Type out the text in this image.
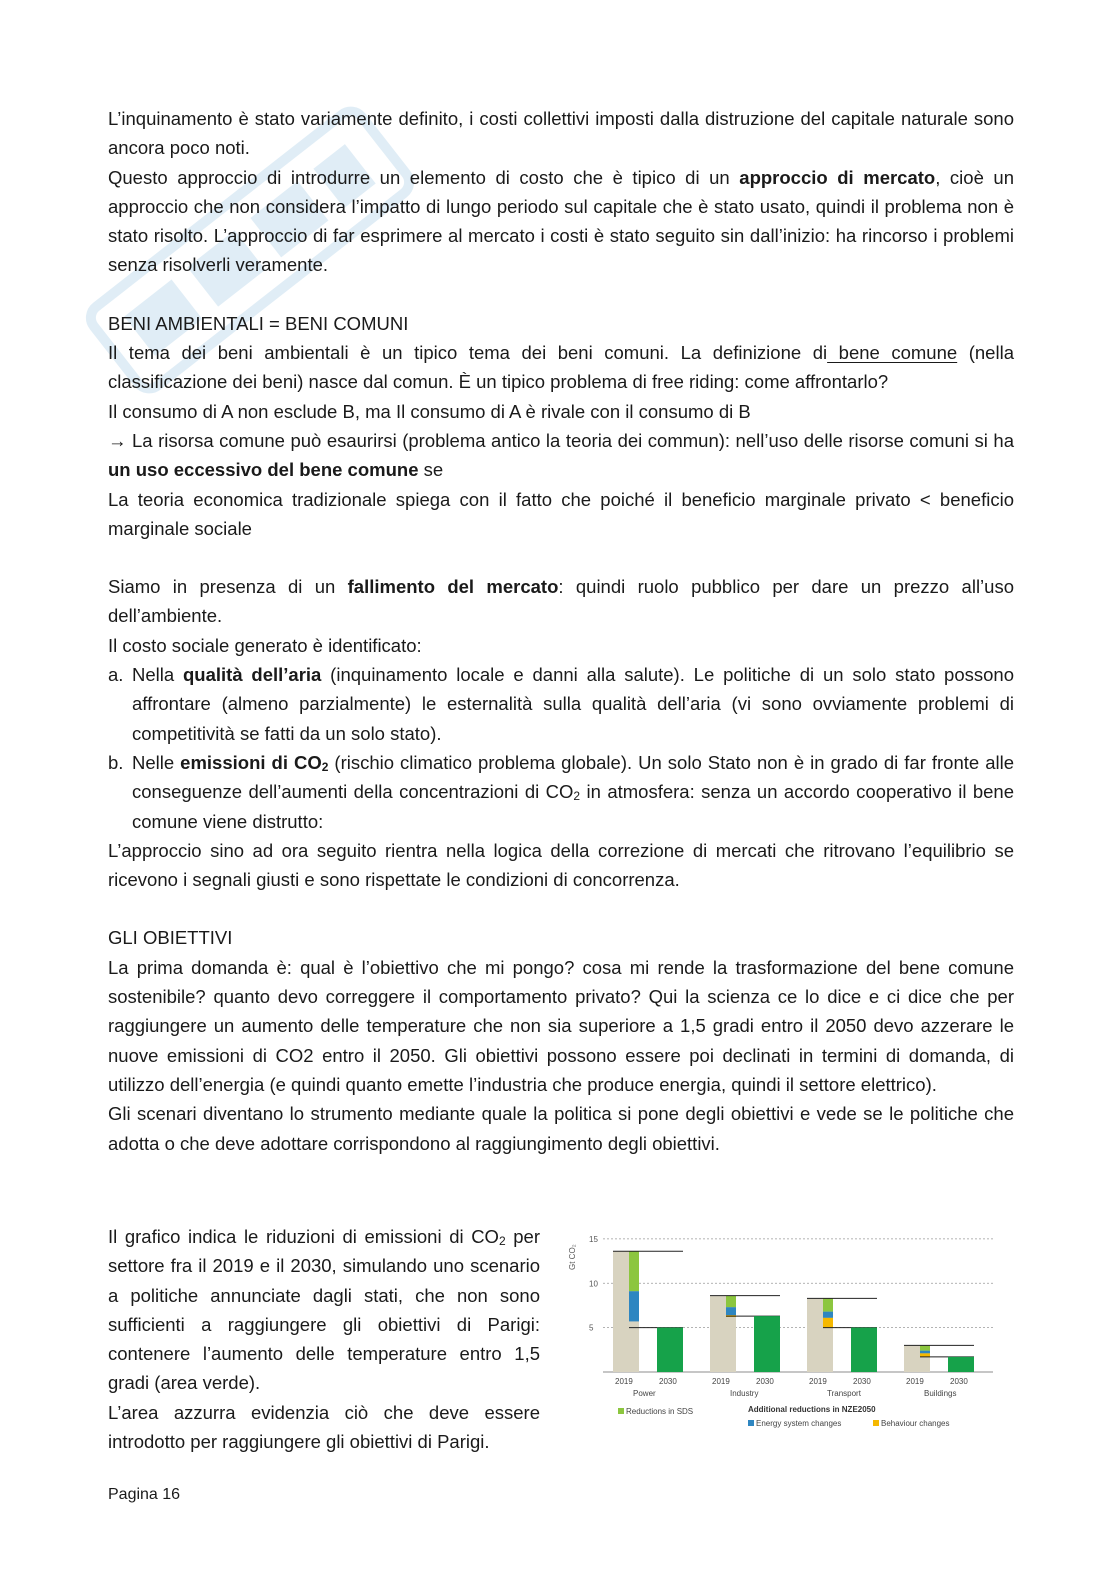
L’inquinamento è stato variamente definito, i costi collettivi imposti dalla distruzione del capitale naturale sono ancora poco noti.

Questo approccio di introdurre un elemento di costo che è tipico di un approccio di mercato, cioè un approccio che non considera l’impatto di lungo periodo sul capitale che è stato usato, quindi il problema non è stato risolto. L’approccio di far esprimere al mercato i costi è stato seguito sin dall’inizio: ha rincorso i problemi senza risolverli veramente.

BENI AMBIENTALI = BENI COMUNI

Il tema dei beni ambientali è un tipico tema dei beni comuni. La definizione di bene comune (nella classificazione dei beni) nasce dal comun. È un tipico problema di free riding: come affrontarlo?

Il consumo di A non esclude B, ma Il consumo di A è rivale con il consumo di B

→ La risorsa comune può esaurirsi (problema antico la teoria dei commun): nell’uso delle risorse comuni si ha un uso eccessivo del bene comune se

La teoria economica tradizionale spiega con il fatto che poiché il beneficio marginale privato < beneficio marginale sociale

Siamo in presenza di un fallimento del mercato: quindi ruolo pubblico per dare un prezzo all’uso dell’ambiente.

Il costo sociale generato è identificato:

a. Nella qualità dell’aria (inquinamento locale e danni alla salute). Le politiche di un solo stato possono affrontare (almeno parzialmente) le esternalità sulla qualità dell’aria (vi sono ovviamente problemi di competitività se fatti da un solo stato).
b. Nelle emissioni di $CO_2$ (rischio climatico problema globale). Un solo Stato non è in grado di far fronte alle conseguenze dell’aumenti della concentrazioni di $CO_2$ in atmosfera: senza un accordo cooperativo il bene comune viene distrutto:

L’approccio sino ad ora seguito rientra nella logica della correzione di mercati che ritrovano l’equilibrio se ricevono i segnali giusti e sono rispettate le condizioni di concorrenza.

GLI OBIETTIVI

La prima domanda è: qual è l’obiettivo che mi pongo? cosa mi rende la trasformazione del bene comune sostenibile? quanto devo correggere il comportamento privato? Qui la scienza ce lo dice e ci dice che per raggiungere un aumento delle temperature che non sia superiore a 1,5 gradi entro il 2050 devo azzerare le nuove emissioni di CO2 entro il 2050. Gli obiettivi possono essere poi declinati in termini di domanda, di utilizzo dell’energia (e quindi quanto emette l’industria che produce energia, quindi il settore elettrico).

Gli scenari diventano lo strumento mediante quale la politica si pone degli obiettivi e vede se le politiche che adotta o che deve adottare corrispondono al raggiungimento degli obiettivi.

Il grafico indica le riduzioni di emissioni di $CO_2$ per settore fra il 2019 e il 2030, simulando uno scenario a politiche annunciate dagli stati, che non sono sufficienti a raggiungere gli obiettivi di Parigi: contenere l’aumento delle temperature entro 1,5 gradi (area verde).

L’area azzurra evidenzia ciò che deve essere introdotto per raggiungere gli obiettivi di Parigi.

15
10
5
Gt CO₂
2019	2030
Power
2019	2030
Industry
2019	2030
Transport
2019	2030
Buildings
Reductions in SDS	Additional reductions in NZE2050
Energy system changes	Behaviour changes
Pagina 16
